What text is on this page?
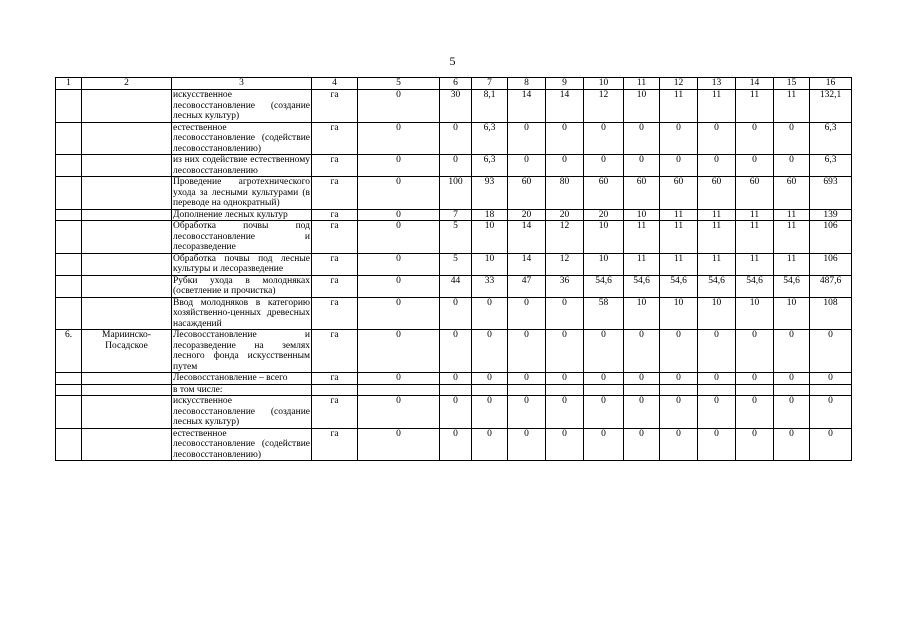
5
1	2	3	4	5	6	7	8	9	10	11	12	13	14	15	16
		искусственное лесовосстановление (создание лесных культур)	га	0	30	8,1	14	14	12	10	11	11	11	11	132,1
		естественное лесовосстановление (содействие лесовосстановлению)	га	0	0	6,3	0	0	0	0	0	0	0	0	6,3
		из них содействие естественному лесовосстановлению	га	0	0	6,3	0	0	0	0	0	0	0	0	6,3
		Проведение агротехнического ухода за лесными культурами (в переводе на однократный)	га	0	100	93	60	80	60	60	60	60	60	60	693
		Дополнение лесных культур	га	0	7	18	20	20	20	10	11	11	11	11	139
		Обработка почвы под лесовосстановление и лесоразведение	га	0	5	10	14	12	10	11	11	11	11	11	106
		Обработка почвы под лесные культуры и лесоразведение	га	0	5	10	14	12	10	11	11	11	11	11	106
		Рубки ухода в молодняках (осветление и прочистка)	га	0	44	33	47	36	54,6	54,6	54,6	54,6	54,6	54,6	487,6
		Ввод молодняков в категорию хозяйственно-ценных древесных насаждений	га	0	0	0	0	0	58	10	10	10	10	10	108
6.	Мариинско-Посадское	Лесовосстановление и лесоразведение на землях лесного фонда искусственным путем	га	0	0	0	0	0	0	0	0	0	0	0	0
		Лесовосстановление – всего	га	0	0	0	0	0	0	0	0	0	0	0	0
		в том числе:													
		искусственное лесовосстановление (создание лесных культур)	га	0	0	0	0	0	0	0	0	0	0	0	0
		естественное лесовосстановление (содействие лесовосстановлению)	га	0	0	0	0	0	0	0	0	0	0	0	0
